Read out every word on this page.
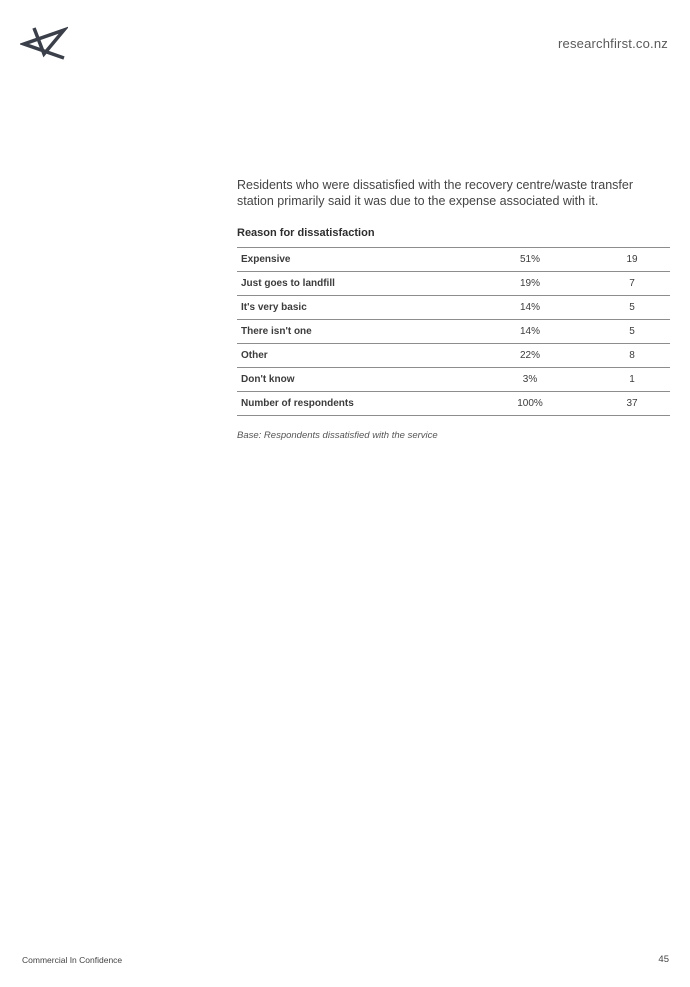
researchfirst.co.nz
Residents who were dissatisfied with the recovery centre/waste transfer station primarily said it was due to the expense associated with it.
Reason for dissatisfaction
Expensive	51%	19
Just goes to landfill	19%	7
It's very basic	14%	5
There isn't one	14%	5
Other	22%	8
Don't know	3%	1
Number of respondents	100%	37
Base: Respondents dissatisfied with the service
Commercial In Confidence	45
